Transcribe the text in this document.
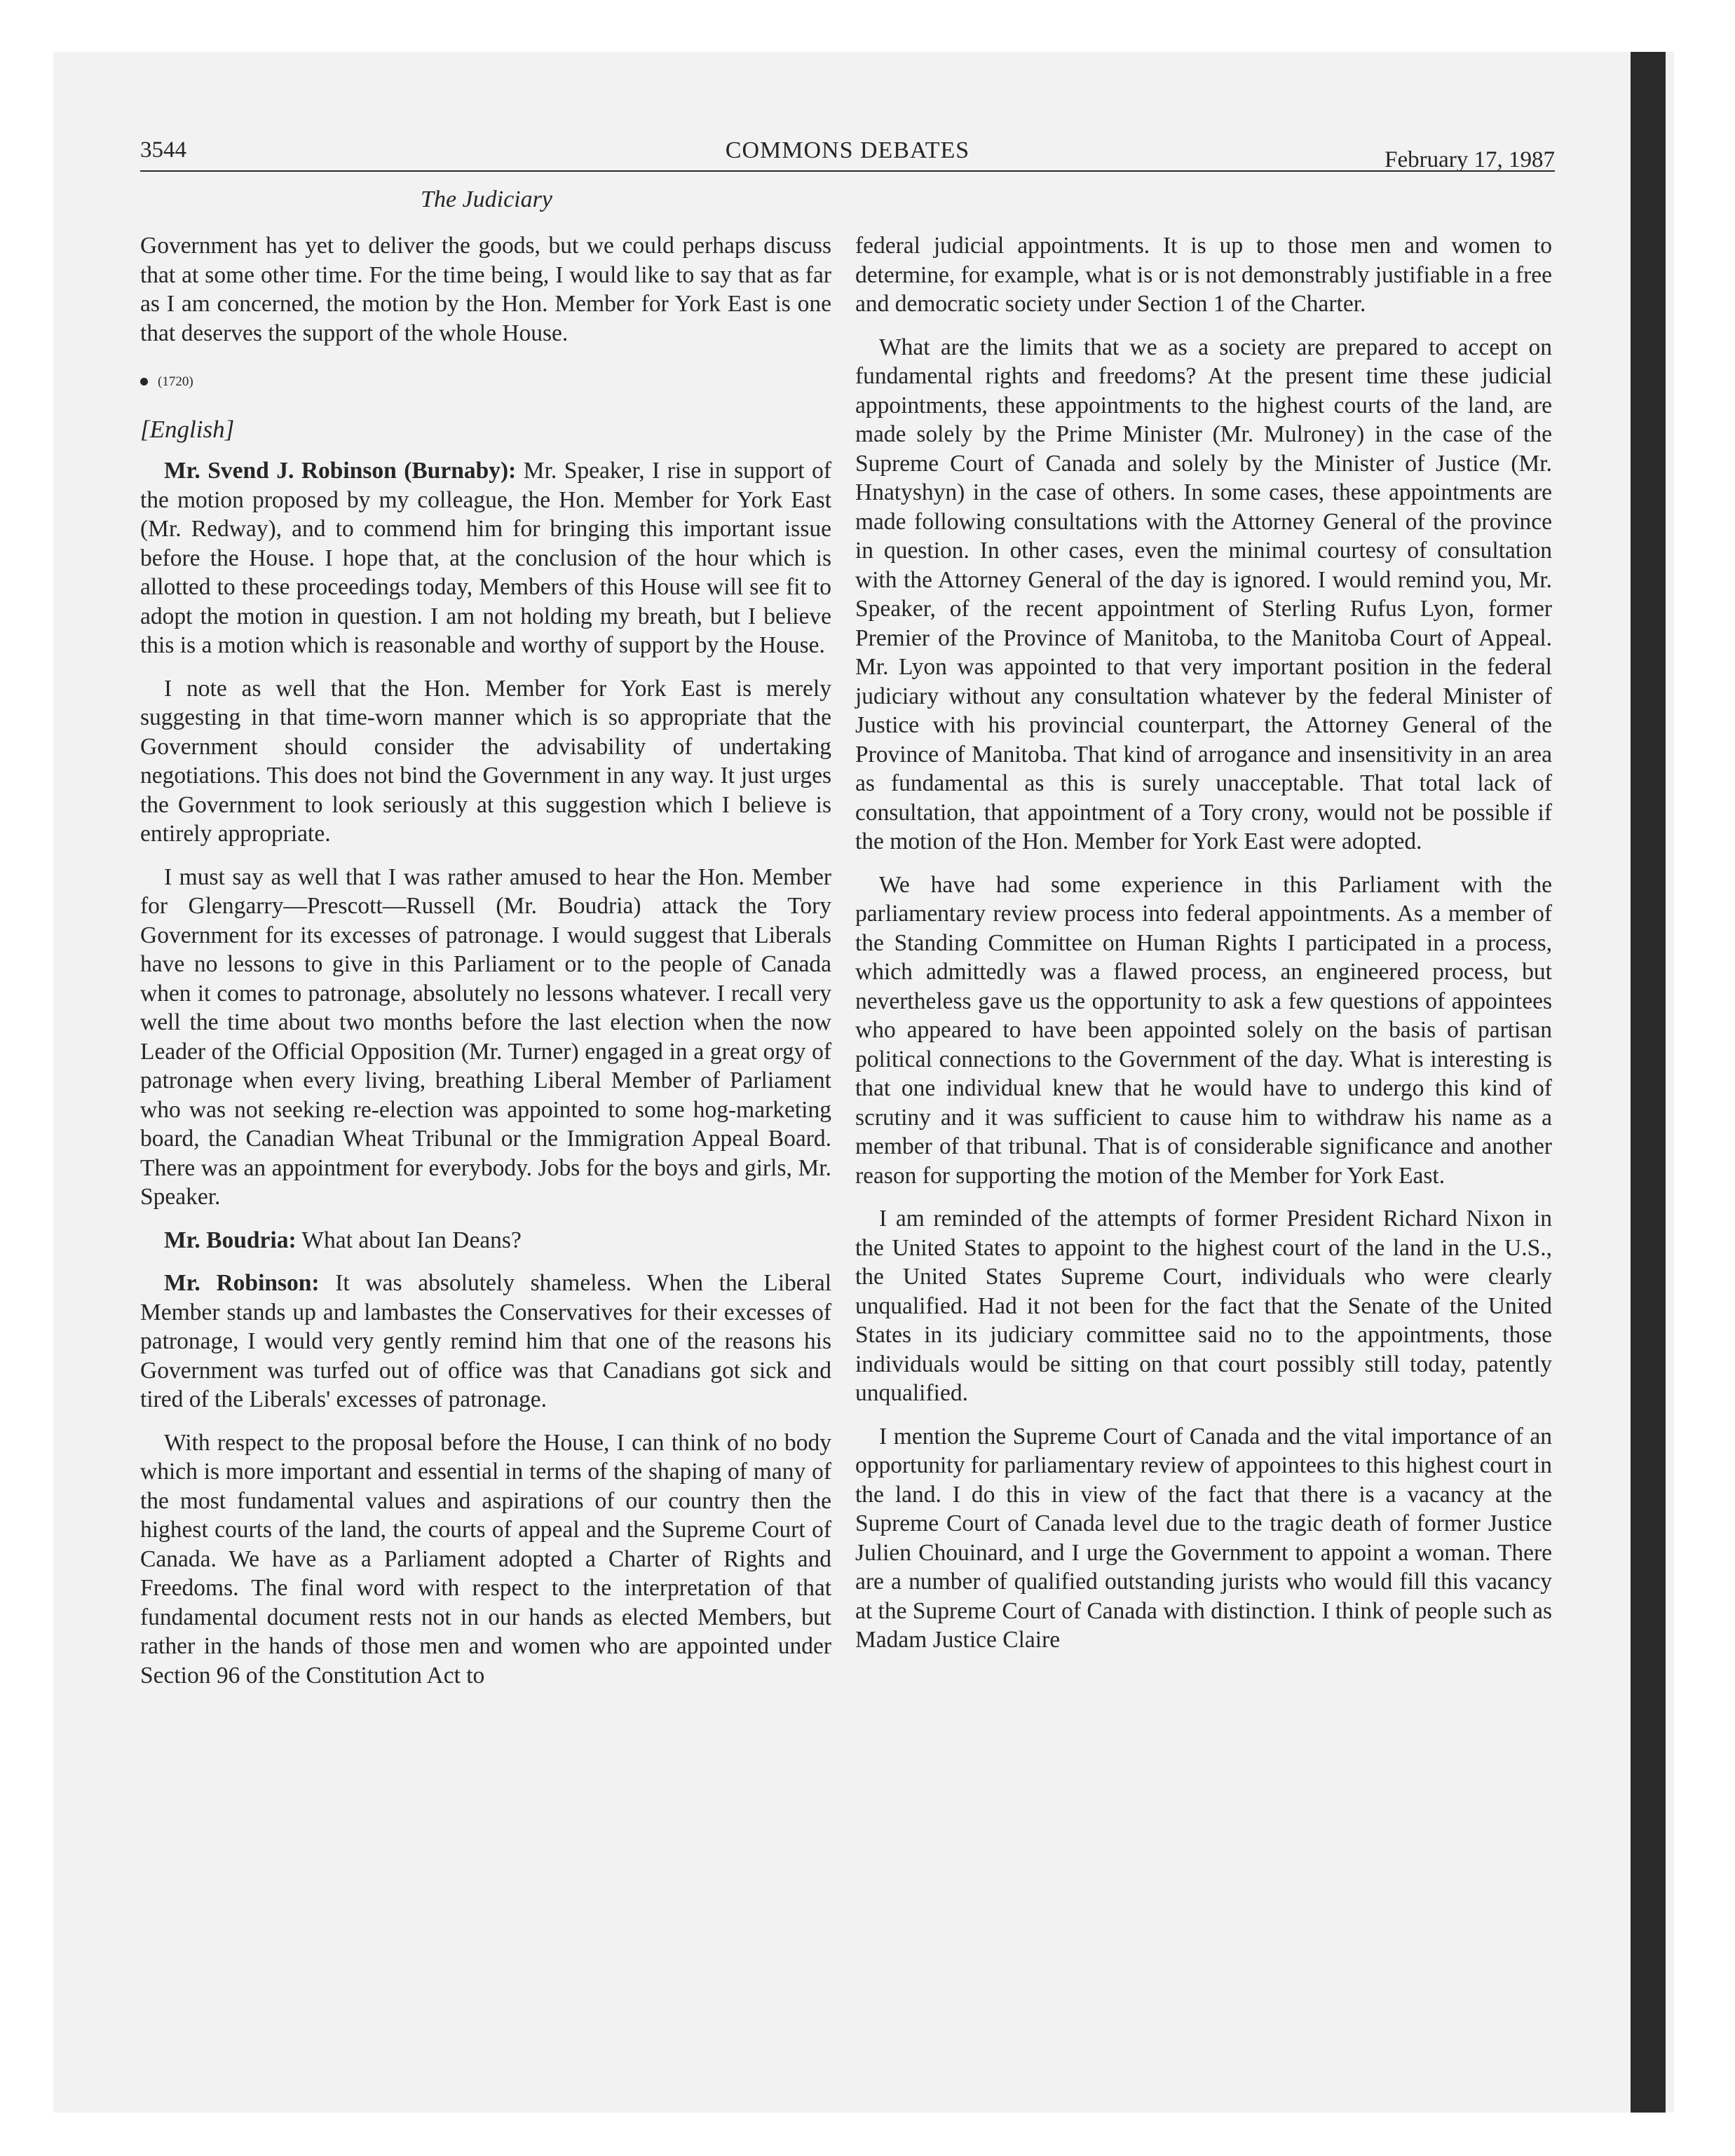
3544	COMMONS DEBATES	February 17, 1987
The Judiciary

Government has yet to deliver the goods, but we could perhaps discuss that at some other time. For the time being, I would like to say that as far as I am concerned, the motion by the Hon. Member for York East is one that deserves the support of the whole House.

(1720)

[English]

Mr. Svend J. Robinson (Burnaby): Mr. Speaker, I rise in support of the motion proposed by my colleague, the Hon. Member for York East (Mr. Redway), and to commend him for bringing this important issue before the House. I hope that, at the conclusion of the hour which is allotted to these proceedings today, Members of this House will see fit to adopt the motion in question. I am not holding my breath, but I believe this is a motion which is reasonable and worthy of support by the House.

I note as well that the Hon. Member for York East is merely suggesting in that time-worn manner which is so appropriate that the Government should consider the advisability of undertaking negotiations. This does not bind the Government in any way. It just urges the Government to look seriously at this suggestion which I believe is entirely appropriate.

I must say as well that I was rather amused to hear the Hon. Member for Glengarry—Prescott—Russell (Mr. Boudria) attack the Tory Government for its excesses of patronage. I would suggest that Liberals have no lessons to give in this Parliament or to the people of Canada when it comes to patronage, absolutely no lessons whatever. I recall very well the time about two months before the last election when the now Leader of the Official Opposition (Mr. Turner) engaged in a great orgy of patronage when every living, breathing Liberal Member of Parliament who was not seeking re-election was appointed to some hog-marketing board, the Canadian Wheat Tribunal or the Immigration Appeal Board. There was an appointment for everybody. Jobs for the boys and girls, Mr. Speaker.

Mr. Boudria: What about Ian Deans?

Mr. Robinson: It was absolutely shameless. When the Liberal Member stands up and lambastes the Conservatives for their excesses of patronage, I would very gently remind him that one of the reasons his Government was turfed out of office was that Canadians got sick and tired of the Liberals' excesses of patronage.

With respect to the proposal before the House, I can think of no body which is more important and essential in terms of the shaping of many of the most fundamental values and aspirations of our country then the highest courts of the land, the courts of appeal and the Supreme Court of Canada. We have as a Parliament adopted a Charter of Rights and Freedoms. The final word with respect to the interpretation of that fundamental document rests not in our hands as elected Members, but rather in the hands of those men and women who are appointed under Section 96 of the Constitution Act to

federal judicial appointments. It is up to those men and women to determine, for example, what is or is not demonstrably justifiable in a free and democratic society under Section 1 of the Charter.

What are the limits that we as a society are prepared to accept on fundamental rights and freedoms? At the present time these judicial appointments, these appointments to the highest courts of the land, are made solely by the Prime Minister (Mr. Mulroney) in the case of the Supreme Court of Canada and solely by the Minister of Justice (Mr. Hnatyshyn) in the case of others. In some cases, these appointments are made following consultations with the Attorney General of the province in question. In other cases, even the minimal courtesy of consultation with the Attorney General of the day is ignored. I would remind you, Mr. Speaker, of the recent appointment of Sterling Rufus Lyon, former Premier of the Province of Manitoba, to the Manitoba Court of Appeal. Mr. Lyon was appointed to that very important position in the federal judiciary without any consultation whatever by the federal Minister of Justice with his provincial counterpart, the Attorney General of the Province of Manitoba. That kind of arrogance and insensitivity in an area as fundamental as this is surely unacceptable. That total lack of consultation, that appointment of a Tory crony, would not be possible if the motion of the Hon. Member for York East were adopted.

We have had some experience in this Parliament with the parliamentary review process into federal appointments. As a member of the Standing Committee on Human Rights I participated in a process, which admittedly was a flawed process, an engineered process, but nevertheless gave us the opportunity to ask a few questions of appointees who appeared to have been appointed solely on the basis of partisan political connections to the Government of the day. What is interesting is that one individual knew that he would have to undergo this kind of scrutiny and it was sufficient to cause him to withdraw his name as a member of that tribunal. That is of considerable significance and another reason for supporting the motion of the Member for York East.

I am reminded of the attempts of former President Richard Nixon in the United States to appoint to the highest court of the land in the U.S., the United States Supreme Court, individuals who were clearly unqualified. Had it not been for the fact that the Senate of the United States in its judiciary committee said no to the appointments, those individuals would be sitting on that court possibly still today, patently unqualified.

I mention the Supreme Court of Canada and the vital importance of an opportunity for parliamentary review of appointees to this highest court in the land. I do this in view of the fact that there is a vacancy at the Supreme Court of Canada level due to the tragic death of former Justice Julien Chouinard, and I urge the Government to appoint a woman. There are a number of qualified outstanding jurists who would fill this vacancy at the Supreme Court of Canada with distinction. I think of people such as Madam Justice Claire
